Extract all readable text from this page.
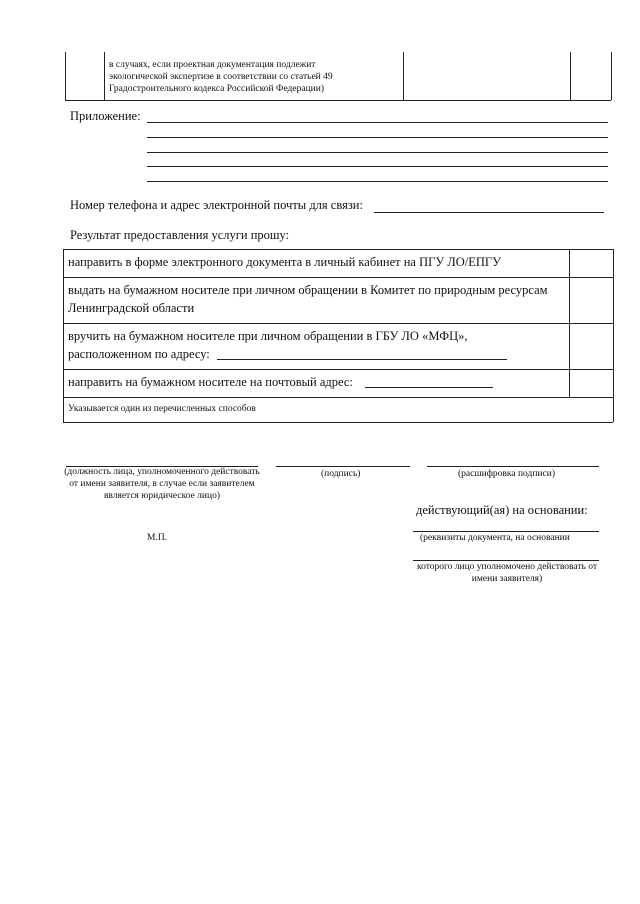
в случаях, если проектная документация подлежит
экологической экспертизе в соответствии со статьей 49
Градостроительного кодекса Российской Федерации)
Приложение:
Номер телефона и адрес электронной почты для связи:
Результат предоставления услуги прошу:
направить в форме электронного документа в личный кабинет на ПГУ ЛО/ЕПГУ
выдать на бумажном носителе при личном обращении в Комитет по природным ресурсам
Ленинградской области
вручить на бумажном носителе при личном обращении в ГБУ ЛО «МФЦ»,
расположенном по адресу:
направить на бумажном носителе на почтовый адрес:
Указывается один из перечисленных способов
(должность лица, уполномоченного действовать от имени заявителя, в случае если заявителем является юридическое лицо)
(подпись)	(расшифровка подписи)
действующий(ая) на основании:
М.П.	(реквизиты документа, на основании
которого лицо уполномочено действовать от имени заявителя)
